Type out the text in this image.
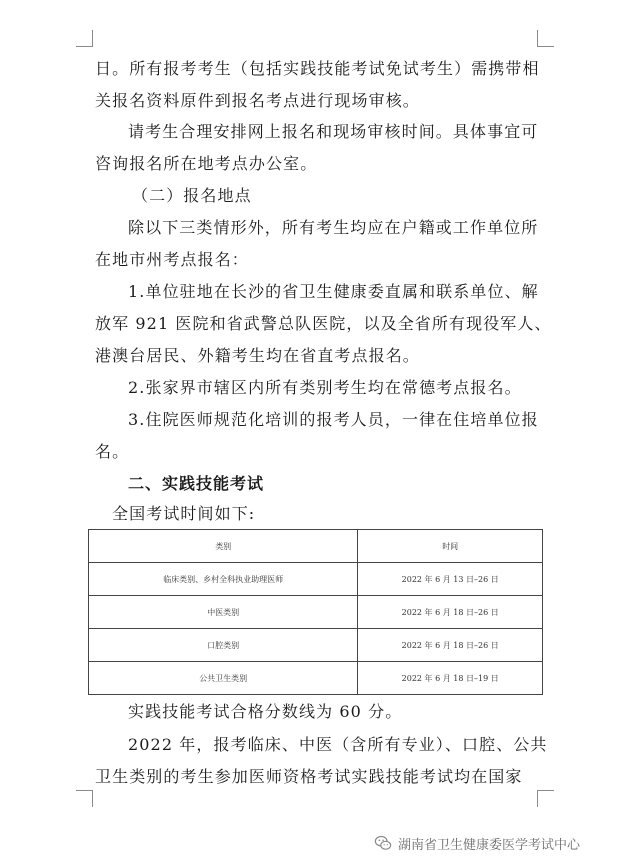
日。所有报考考生（包括实践技能考试免试考生）需携带相
关报名资料原件到报名考点进行现场审核。
请考生合理安排网上报名和现场审核时间。具体事宜可
咨询报名所在地考点办公室。
（二）报名地点
除以下三类情形外，所有考生均应在户籍或工作单位所
在地市州考点报名：
1.单位驻地在长沙的省卫生健康委直属和联系单位、解
放军 921 医院和省武警总队医院，以及全省所有现役军人、
港澳台居民、外籍考生均在省直考点报名。
2.张家界市辖区内所有类别考生均在常德考点报名。
3.住院医师规范化培训的报考人员，一律在住培单位报
名。
二、实践技能考试
全国考试时间如下:
类别	时间
临床类别、乡村全科执业助理医师	2022 年 6 月 13 日–26 日
中医类别	2022 年 6 月 18 日–26 日
口腔类别	2022 年 6 月 18 日–26 日
公共卫生类别	2022 年 6 月 18 日–19 日
实践技能考试合格分数线为 60 分。
2022 年，报考临床、中医（含所有专业）、口腔、公共
卫生类别的考生参加医师资格考试实践技能考试均在国家
湖南省卫生健康委医学考试中心
